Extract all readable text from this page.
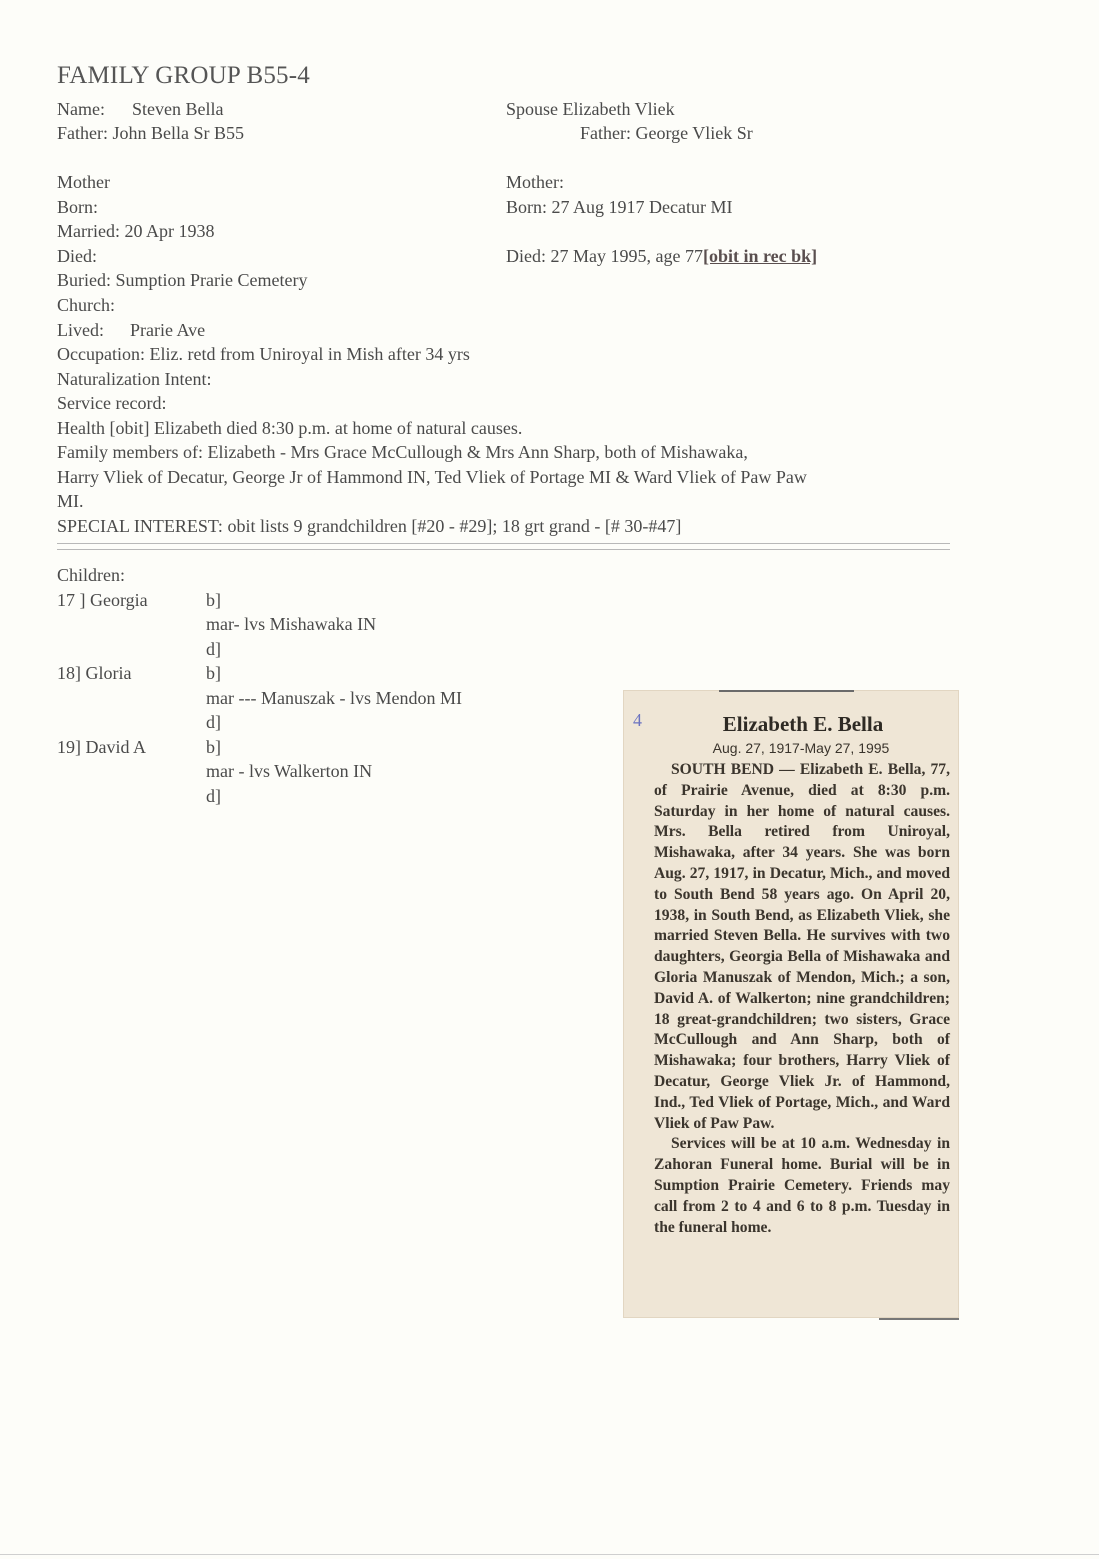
FAMILY GROUP B55-4
Name: Steven Bella
Father: John Bella Sr B55
Mother
Born:
Married: 20 Apr 1938
Died:
Buried: Sumption Prarie Cemetery
Church:
Lived: Prarie Ave
Occupation: Eliz. retd from Uniroyal in Mish after 34 yrs
Naturalization Intent:
Service record:
Health [obit] Elizabeth died 8:30 p.m. at home of natural causes.
Family members of: Elizabeth - Mrs Grace McCullough & Mrs Ann Sharp, both of Mishawaka,
Harry Vliek of Decatur, George Jr of Hammond IN, Ted Vliek of Portage MI & Ward Vliek of Paw Paw
MI.
SPECIAL INTEREST: obit lists 9 grandchildren [#20 - #29]; 18 grt grand - [# 30-#47]
Spouse Elizabeth Vliek
Father: George Vliek Sr
Mother:
Born: 27 Aug 1917 Decatur MI
Died: 27 May 1995, age 77[obit in rec bk]
Children:
17 ] Georgia	b]
mar- lvs Mishawaka IN
d]
18] Gloria	b]
mar --- Manuszak - lvs Mendon MI
d]
19] David A	b]
mar - lvs Walkerton IN
d]
4	Elizabeth E. Bella
Aug. 27, 1917-May 27, 1995

SOUTH BEND — Elizabeth E. Bella, 77, of Prairie Avenue, died at 8:30 p.m. Saturday in her home of natural causes. Mrs. Bella retired from Uniroyal, Mishawaka, after 34 years. She was born Aug. 27, 1917, in Decatur, Mich., and moved to South Bend 58 years ago. On April 20, 1938, in South Bend, as Elizabeth Vliek, she married Steven Bella. He survives with two daughters, Georgia Bella of Mishawaka and Gloria Manuszak of Mendon, Mich.; a son, David A. of Walkerton; nine grandchildren; 18 great-grandchildren; two sisters, Grace McCullough and Ann Sharp, both of Mishawaka; four brothers, Harry Vliek of Decatur, George Vliek Jr. of Hammond, Ind., Ted Vliek of Portage, Mich., and Ward Vliek of Paw Paw.

Services will be at 10 a.m. Wednesday in Zahoran Funeral home. Burial will be in Sumption Prairie Cemetery. Friends may call from 2 to 4 and 6 to 8 p.m. Tuesday in the funeral home.
